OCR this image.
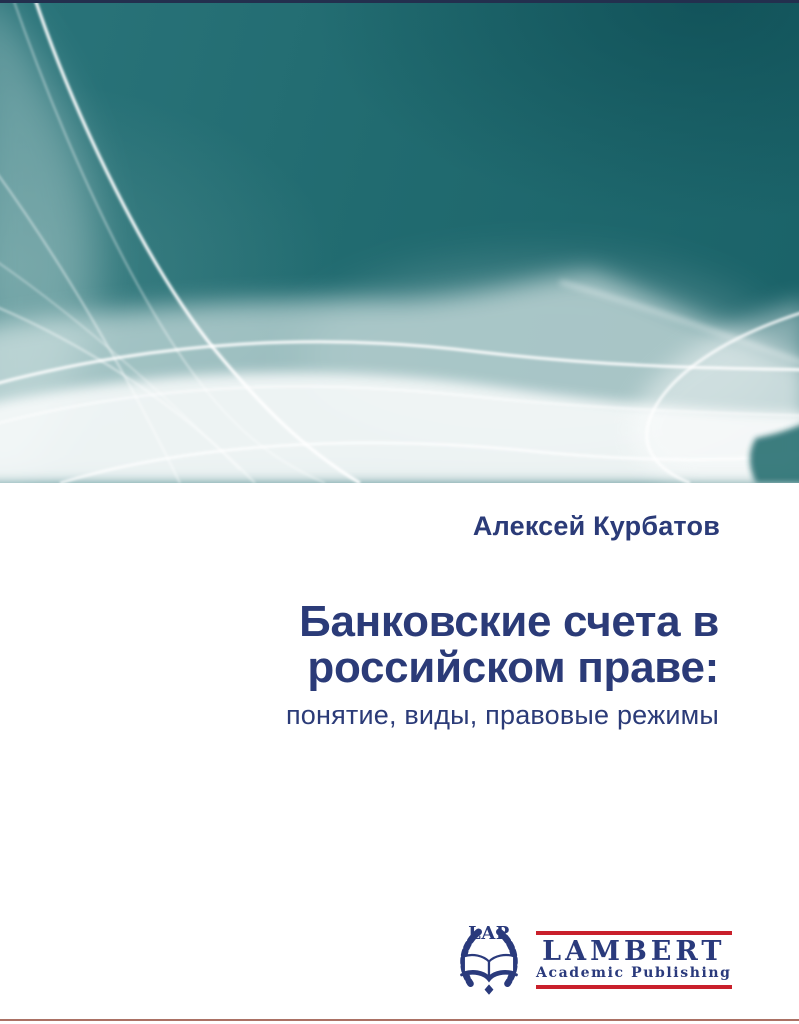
Алексей Курбатов
Банковские счета в
российском праве:
понятие, виды, правовые режимы
LAP
LAMBERT
Academic Publishing
